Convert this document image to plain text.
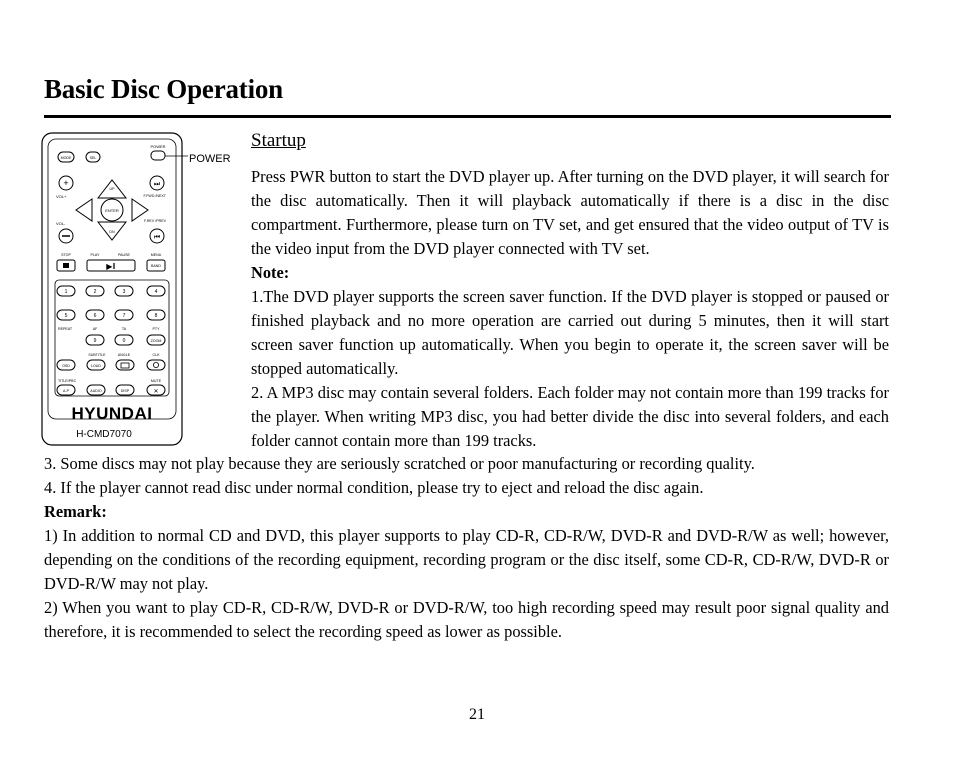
Basic Disc Operation
POWER
POWER
MODE	SEL
+
VOL+
VOL-
ENTER
UP
DN
⏭
F.FWD /NEXT
⏮
F.REV /PREV
STOP	PLAY	PAUSE	MENU
▶‖	BAND
1	2	3	4
5	6	7	8
9	0
REPEAT	AF	TA	PTY
ZOOM
SUBTITLE	ANGLE	CLK
OSD	LOUD
TITLE/PBC	MUTE
A-P	AUDIO	DISP	✕
HYUNDAI
H-CMD7070
Startup

Press PWR button to start the DVD player up. After turning on the DVD player, it will search for the disc automatically. Then it will playback automatically if there is a disc in the disc compartment. Furthermore, please turn on TV set, and get ensured that the video output of TV is the video input from the DVD player connected with TV set.

Note:

1.The DVD player supports the screen saver function. If the DVD player is stopped or paused or finished playback and no more operation are carried out during 5 minutes, then it will start screen saver function up automatically. When you begin to operate it, the screen saver will be stopped automatically.

2. A MP3 disc may contain several folders. Each folder may not contain more than 199 tracks for the player. When writing MP3 disc, you had better divide the disc into several folders, and each folder cannot contain more than 199 tracks.

3. Some discs may not play because they are seriously scratched or poor manufacturing or recording quality.

4. If the player cannot read disc under normal condition, please try to eject and reload the disc again.

Remark:

1) In addition to normal CD and DVD, this player supports to play CD-R, CD-R/W, DVD-R and DVD-R/W as well; however, depending on the conditions of the recording equipment, recording program or the disc itself, some CD-R, CD-R/W, DVD-R or DVD-R/W may not play.

2) When you want to play CD-R, CD-R/W, DVD-R or DVD-R/W, too high recording speed may result poor signal quality and therefore, it is recommended to select the recording speed as lower as possible.

21
